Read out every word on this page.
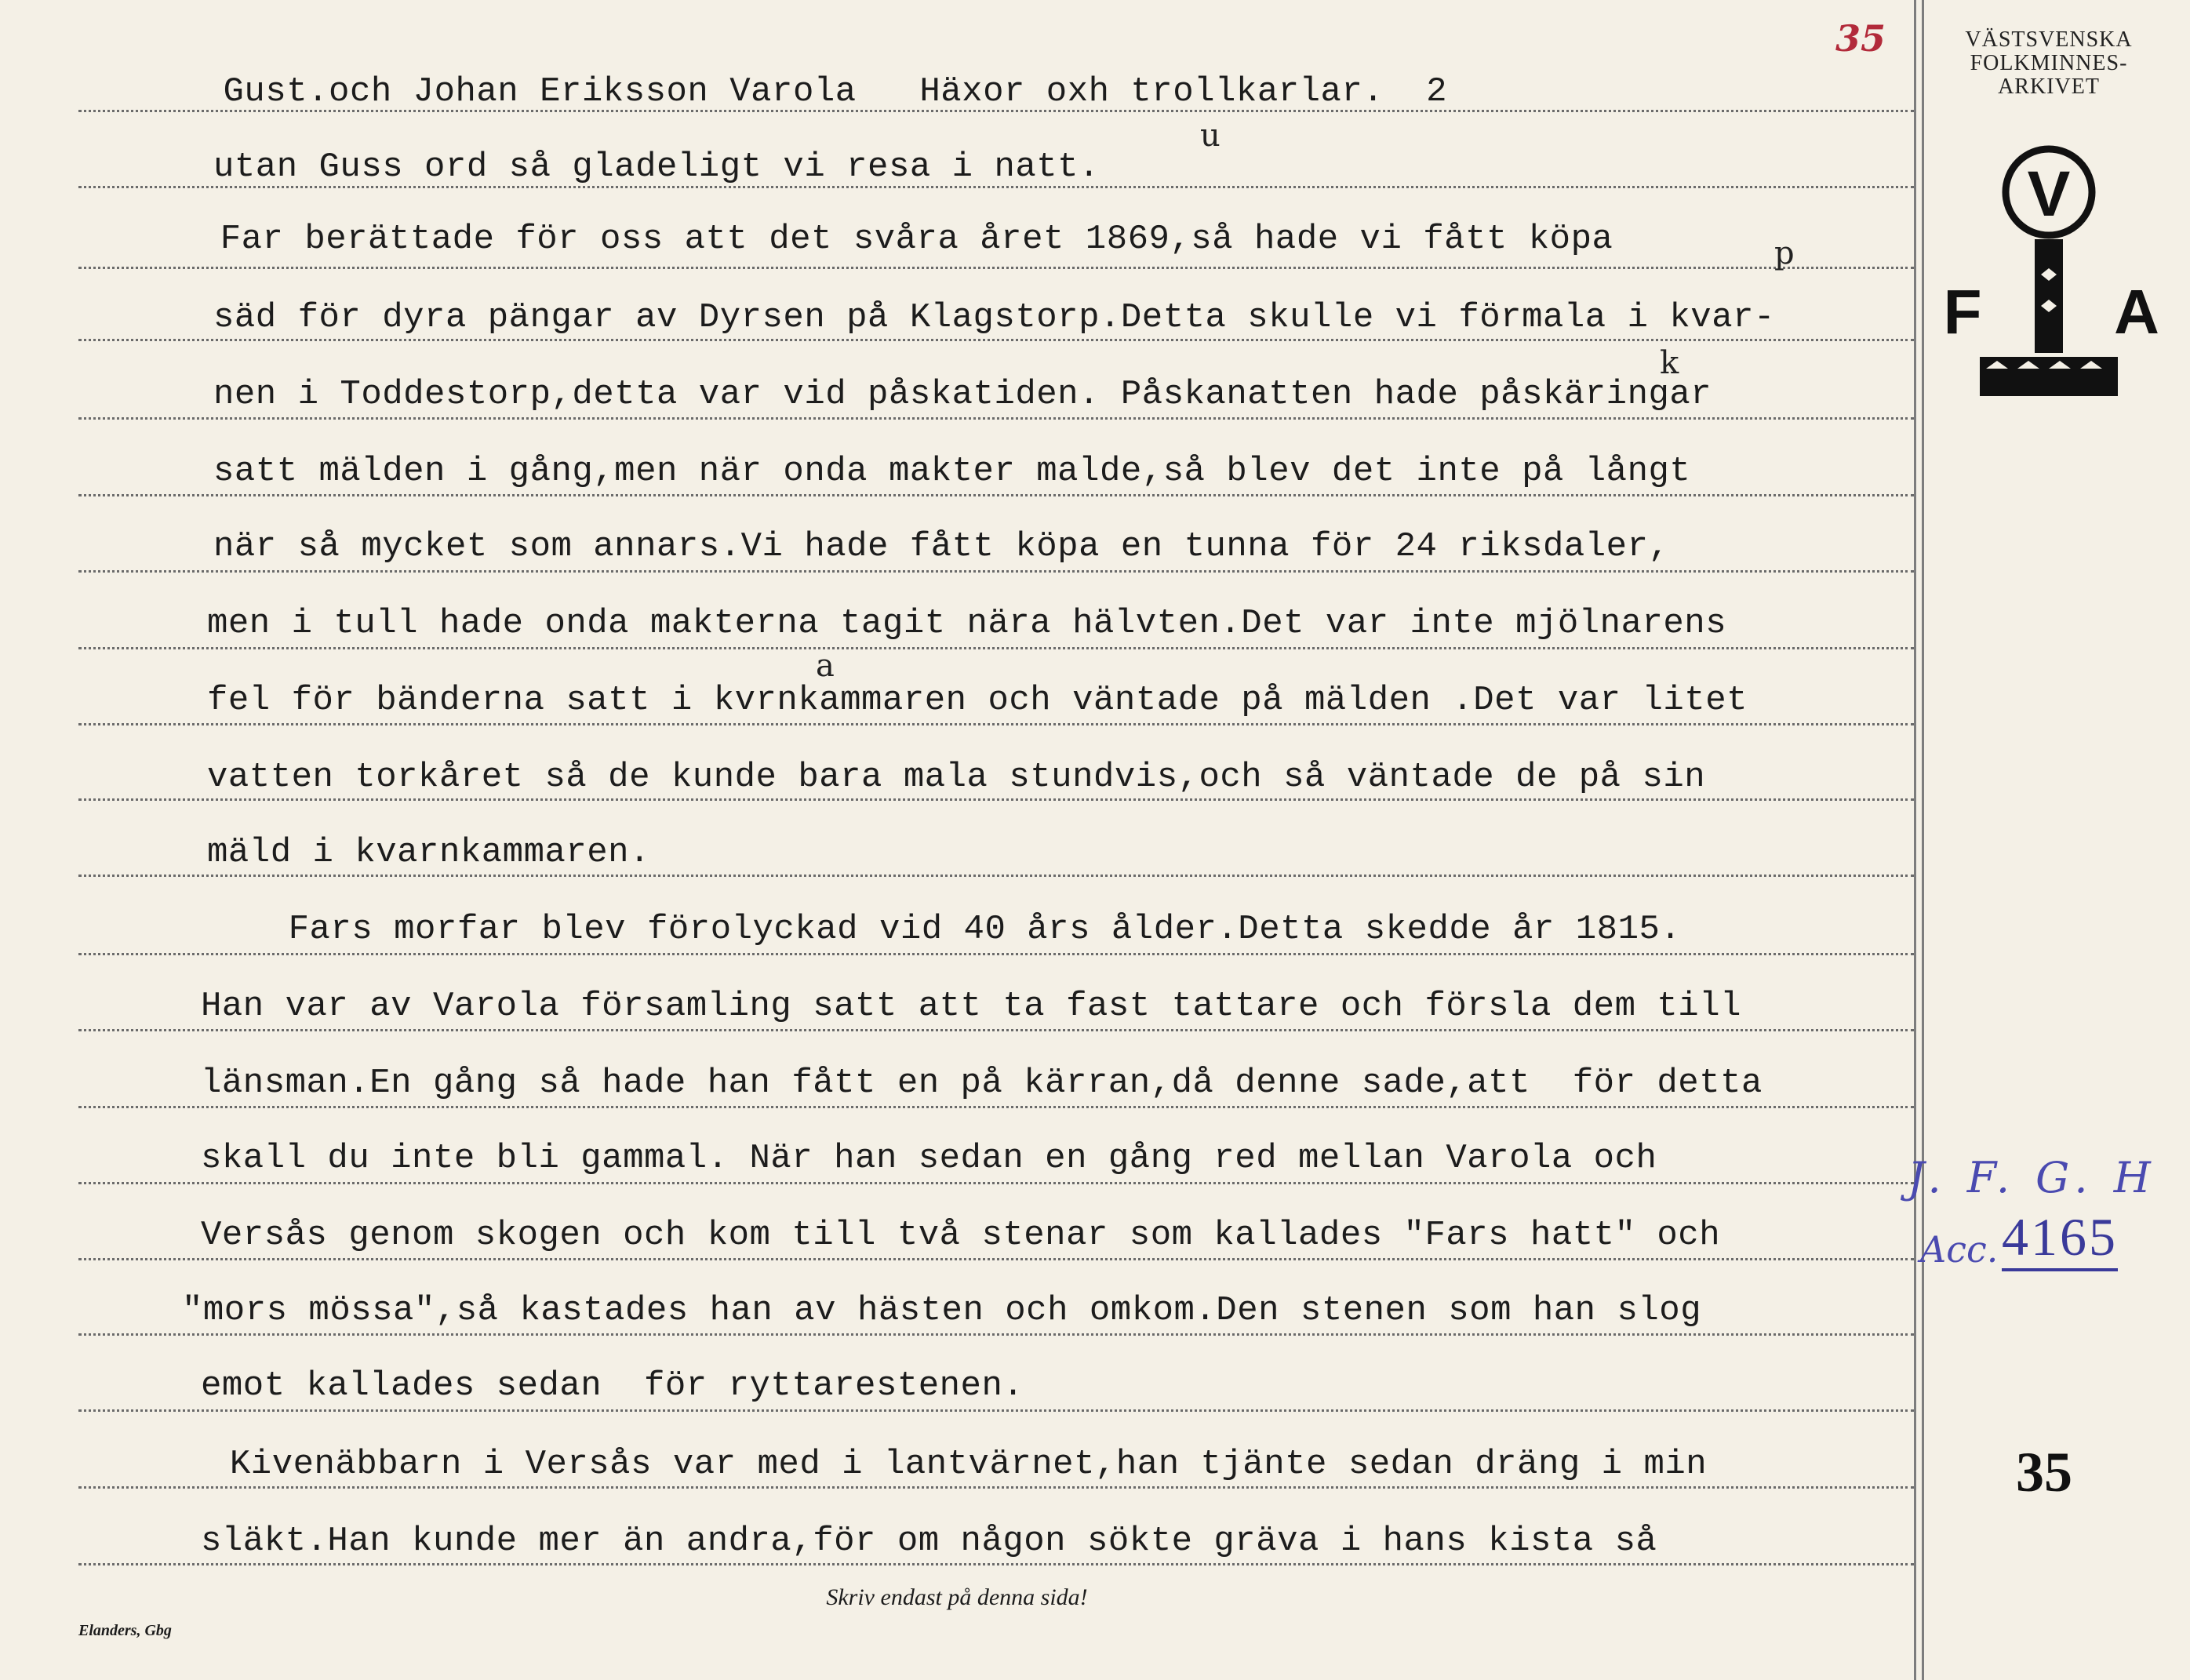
Gust.och Johan Eriksson Varola   Häxor oxh trollkarlar.  2
utan Guss ord så gladeligt vi resa i natt.
Far berättade för oss att det svåra året 1869,så hade vi fått köpa
säd för dyra pängar av Dyrsen på Klagstorp.Detta skulle vi förmala i kvar-
nen i Toddestorp,detta var vid påskatiden. Påskanatten hade påskäringar
satt mälden i gång,men när onda makter malde,så blev det inte på långt
när så mycket som annars.Vi hade fått köpa en tunna för 24 riksdaler,
men i tull hade onda makterna tagit nära hälvten.Det var inte mjölnarens
fel för bänderna satt i kvrnkammaren och väntade på mälden .Det var litet
vatten torkåret så de kunde bara mala stundvis,och så väntade de på sin
mäld i kvarnkammaren.
Fars morfar blev förolyckad vid 40 års ålder.Detta skedde år 1815.
Han var av Varola församling satt att ta fast tattare och försla dem till
länsman.En gång så hade han fått en på kärran,då denne sade,att  för detta
skall du inte bli gammal. När han sedan en gång red mellan Varola och
Versås genom skogen och kom till två stenar som kallades "Fars hatt" och
"mors mössa",så kastades han av hästen och omkom.Den stenen som han slog
emot kallades sedan  för ryttarestenen.
Kivenäbbarn i Versås var med i lantvärnet,han tjänte sedan dräng i min
släkt.Han kunde mer än andra,för om någon sökte gräva i hans kista så
u
p
k
a
35	VÄSTSVENSKA
FOLKMINNES-
ARKIVET
V
F A
J. F. G. H
Acc. 4165
35
Skriv endast på denna sida!
Elanders, Gbg
